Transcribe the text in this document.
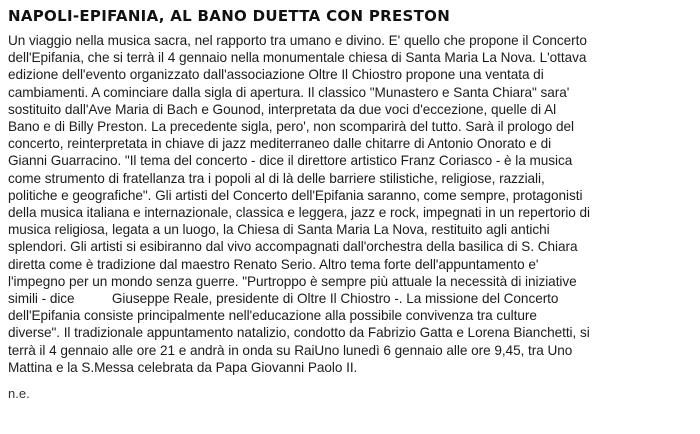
NAPOLI-EPIFANIA, AL BANO DUETTA CON PRESTON
Un viaggio nella musica sacra, nel rapporto tra umano e divino. E' quello che propone il Concerto
dell'Epifania, che si terrà il 4 gennaio nella monumentale chiesa di Santa Maria La Nova. L'ottava
edizione dell'evento organizzato dall'associazione Oltre Il Chiostro propone una ventata di
cambiamenti. A cominciare dalla sigla di apertura. Il classico "Munastero e Santa Chiara" sara'
sostituito dall'Ave Maria di Bach e Gounod, interpretata da due voci d'eccezione, quelle di Al
Bano e di Billy Preston. La precedente sigla, pero', non scomparirà del tutto. Sarà il prologo del
concerto, reinterpretata in chiave di jazz mediterraneo dalle chitarre di Antonio Onorato e di
Gianni Guarracino. "Il tema del concerto - dice il direttore artistico Franz Coriasco - è la musica
come strumento di fratellanza tra i popoli al di là delle barriere stilistiche, religiose, razziali,
politiche e geografiche". Gli artisti del Concerto dell'Epifania saranno, come sempre, protagonisti
della musica italiana e internazionale, classica e leggera, jazz e rock, impegnati in un repertorio di
musica religiosa, legata a un luogo, la Chiesa di Santa Maria La Nova, restituito agli antichi
splendori. Gli artisti si esibiranno dal vivo accompagnati dall'orchestra della basilica di S. Chiara
diretta come è tradizione dal maestro Renato Serio. Altro tema forte dell'appuntamento e'
l'impegno per un mondo senza guerre. "Purtroppo è sempre più attuale la necessità di iniziative
simili - dice          Giuseppe Reale, presidente di Oltre Il Chiostro -. La missione del Concerto
dell'Epifania consiste principalmente nell'educazione alla possibile convivenza tra culture
diverse". Il tradizionale appuntamento natalizio, condotto da Fabrizio Gatta e Lorena Bianchetti, si
terrà il 4 gennaio alle ore 21 e andrà in onda su RaiUno lunedì 6 gennaio alle ore 9,45, tra Uno
Mattina e la S.Messa celebrata da Papa Giovanni Paolo II.
n.e.
